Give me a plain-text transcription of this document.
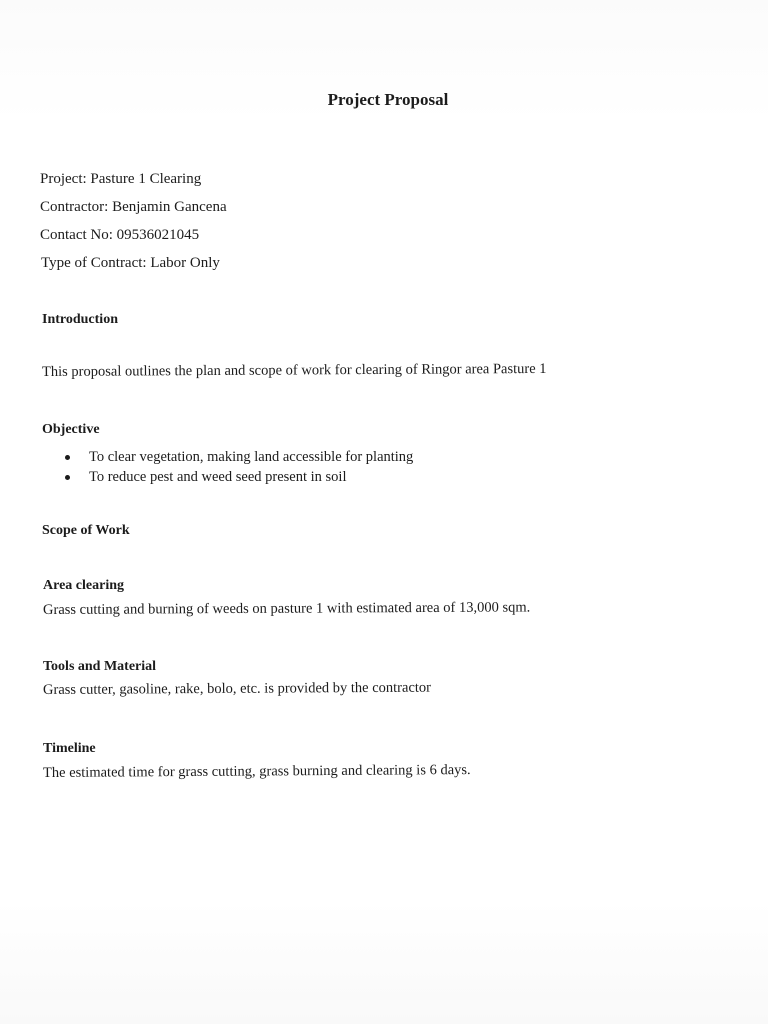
Project Proposal
Project: Pasture 1 Clearing
Contractor: Benjamin Gancena
Contact No: 09536021045
Type of Contract: Labor Only
Introduction
This proposal outlines the plan and scope of work for clearing of Ringor area Pasture 1
Objective
To clear vegetation, making land accessible for planting
To reduce pest and weed seed present in soil
Scope of Work
Area clearing
Grass cutting and burning of weeds on pasture 1 with estimated area of 13,000 sqm.
Tools and Material
Grass cutter, gasoline, rake, bolo, etc. is provided by the contractor
Timeline
The estimated time for grass cutting, grass burning and clearing is 6 days.
